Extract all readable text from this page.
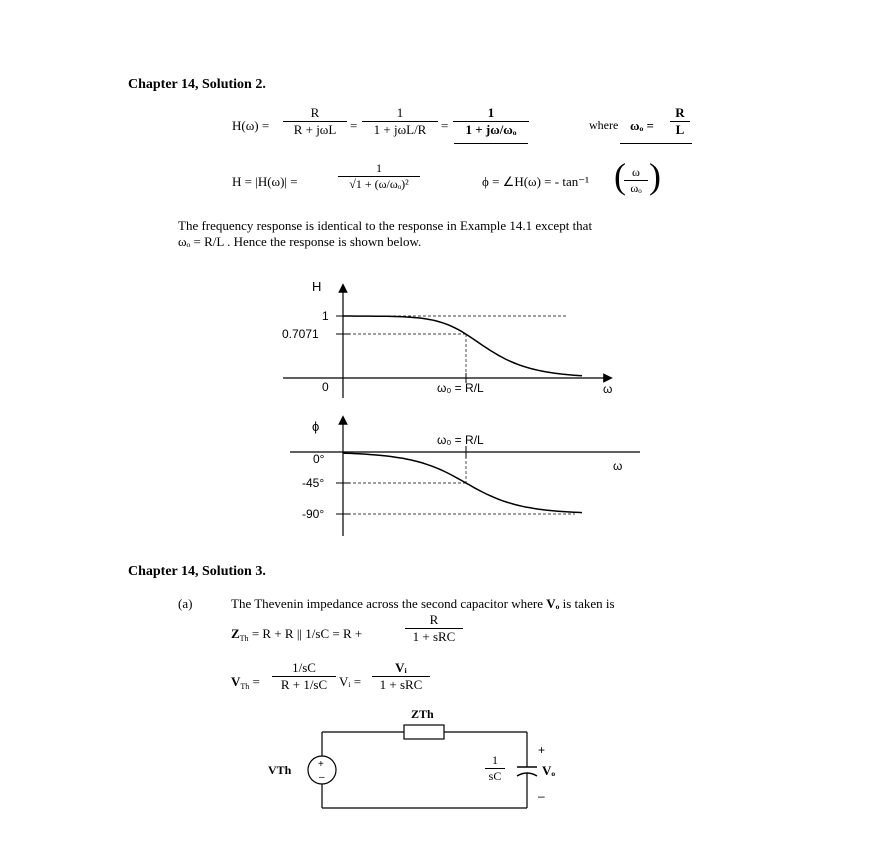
Chapter 14, Solution 2.
H(ω) =
R
R + jωL	=
1
1 + jωL/R	= $\frac{1}{\text{1 + jω/ωₒ}}$	where $\omega_o = \frac{R}{L}$
H = |H(ω)| =	$\frac{1}{\text{√1 + (ω/ωₒ)²}}$	ϕ = ∠H(ω) = - tan⁻¹ (
$\frac{\omega}{\text{ωₒ}}$ )
The frequency response is identical to the response in Example 14.1 except that
ωₒ = R/L . Hence the response is shown below.
H
1
0.7071
0	ω₀ = R/L	ω
ϕ
ω₀ = R/L
ω
0°
-45°
-90°
+
–
+
–
Chapter 14, Solution 3.
(a)	The Thevenin impedance across the second capacitor where Vₒ is taken is
$Z_{Th} = R + R$ || 1/sC = R +
R
1 + sRC
$V_{Th} = \frac{1/sC}{R + 1/sC}$ Vᵢ =
Vᵢ
1 + sRC
ZTh
VTh	$\frac{1}{sC}$	Vₒ
